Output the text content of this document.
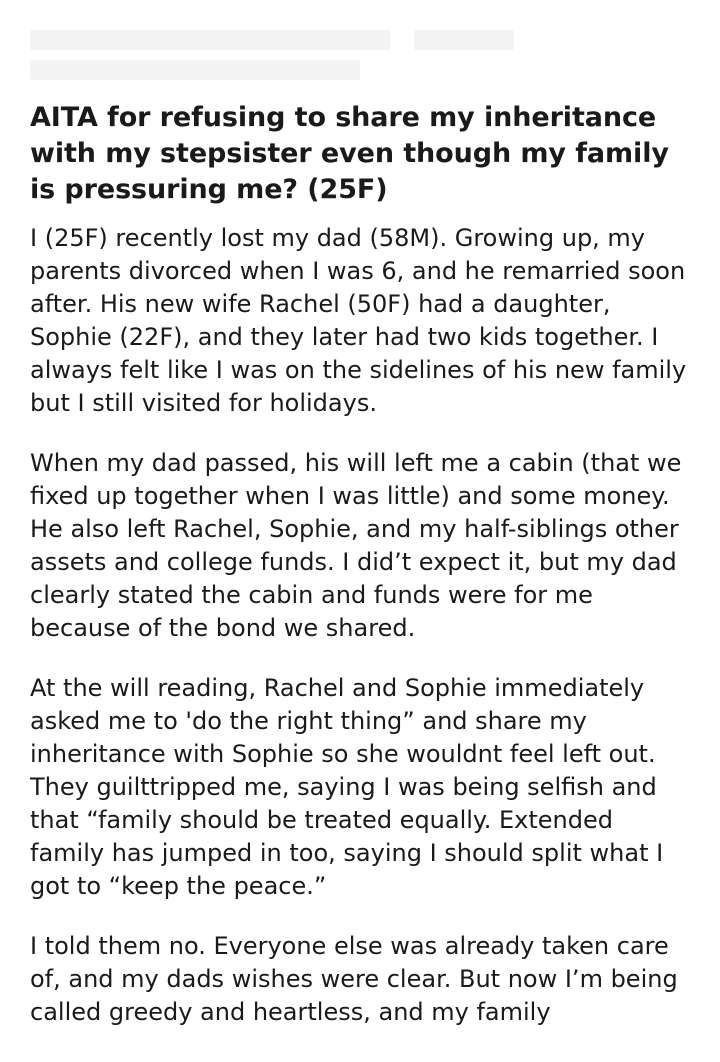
AITA for refusing to share my inheritance with my stepsister even though my family is pressuring me? (25F)

I (25F) recently lost my dad (58M). Growing up, my parents divorced when I was 6, and he remarried soon after. His new wife Rachel (50F) had a daughter, Sophie (22F), and they later had two kids together. I always felt like I was on the sidelines of his new family but I still visited for holidays.

When my dad passed, his will left me a cabin (that we fixed up together when I was little) and some money. He also left Rachel, Sophie, and my half-siblings other assets and college funds. I did’t expect it, but my dad clearly stated the cabin and funds were for me because of the bond we shared.

At the will reading, Rachel and Sophie immediately asked me to 'do the right thing” and share my inheritance with Sophie so she wouldnt feel left out. They guilttripped me, saying I was being selfish and that “family should be treated equally. Extended family has jumped in too, saying I should split what I got to “keep the peace.”

I told them no. Everyone else was already taken care of, and my dads wishes were clear. But now I’m being called greedy and heartless, and my family
